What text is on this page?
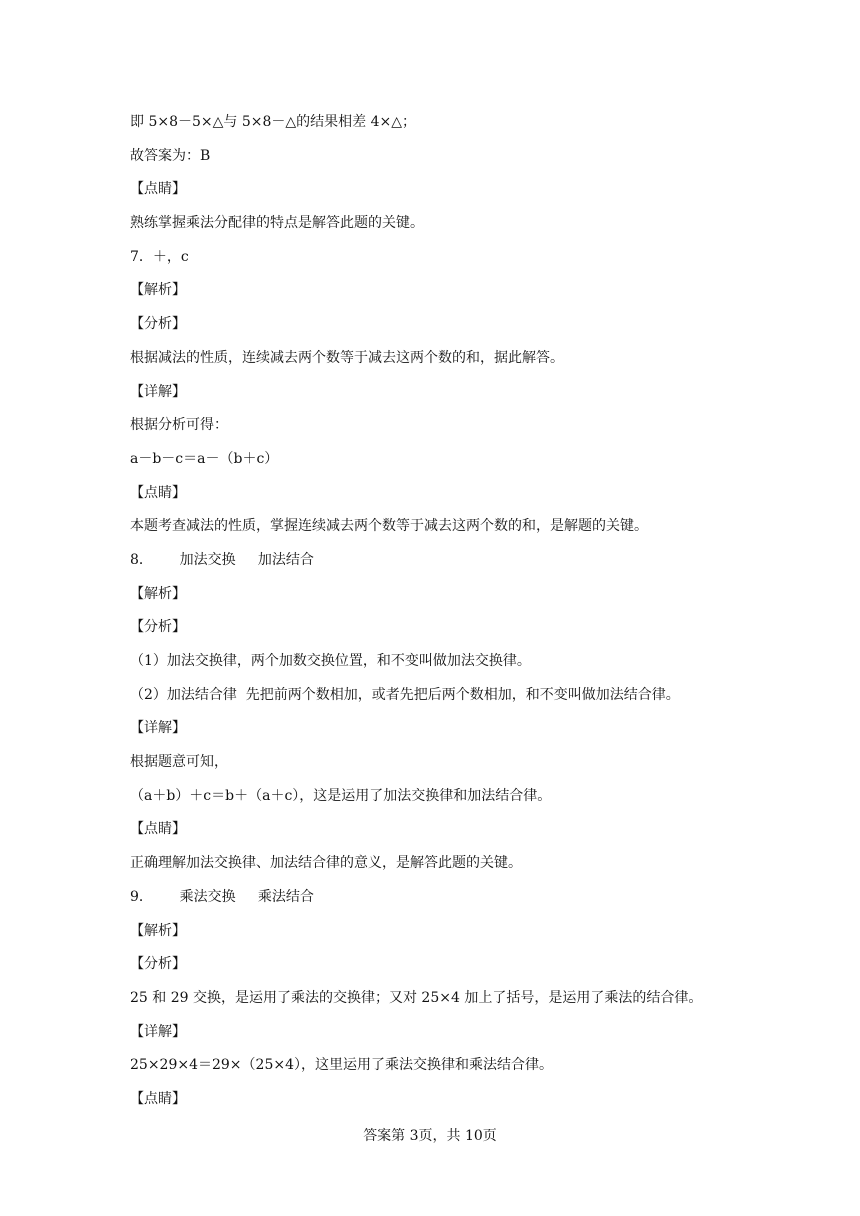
即 5×8－5×△与 5×8－△的结果相差 4×△；
故答案为：B
【点睛】
熟练掌握乘法分配律的特点是解答此题的关键。
7．＋，c
【解析】
【分析】
根据减法的性质，连续减去两个数等于减去这两个数的和，据此解答。
【详解】
根据分析可得：
a－b－c＝a－（b＋c）
【点睛】
本题考查减法的性质，掌握连续减去两个数等于减去这两个数的和，是解题的关键。
8．      加法交换     加法结合
【解析】
【分析】
（1）加法交换律，两个加数交换位置，和不变叫做加法交换律。
（2）加法结合律  先把前两个数相加，或者先把后两个数相加，和不变叫做加法结合律。
【详解】
根据题意可知，
（a＋b）＋c＝b＋（a＋c），这是运用了加法交换律和加法结合律。
【点睛】
正确理解加法交换律、加法结合律的意义，是解答此题的关键。
9．      乘法交换     乘法结合
【解析】
【分析】
25 和 29 交换，是运用了乘法的交换律；又对 25×4 加上了括号，是运用了乘法的结合律。
【详解】
25×29×4＝29×（25×4），这里运用了乘法交换律和乘法结合律。
【点睛】
答案第 3页，共 10页
